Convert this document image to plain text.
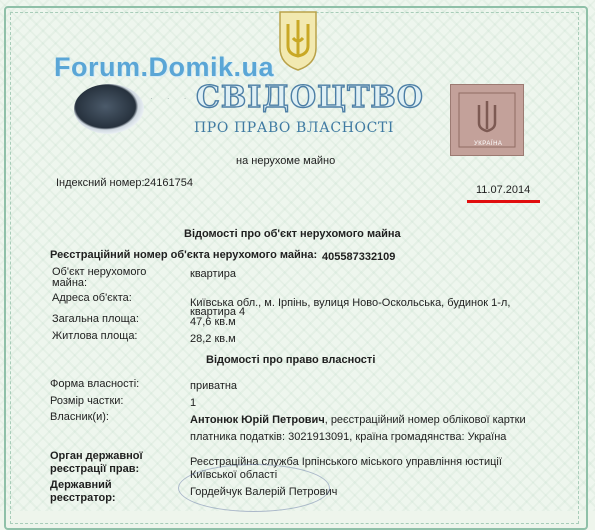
Forum.Domik.ua
· · · ·
СВІДОЦТВО
ПРО ПРАВО ВЛАСНОСТІ
УКРАЇНА
на нерухоме майно
Індексний номер: 24161754
11.07.2014
Відомості про об'єкт нерухомого майна
Реєстраційний номер об'єкта нерухомого майна: 405587332109
Об'єкт нерухомого
майна:
квартира
Адреса об'єкта:	Київська обл., м. Ірпінь, вулиця Ново-Оскольська, будинок 1-л,
квартира 4
Загальна площа:	47,6 кв.м
Житлова площа:	28,2 кв.м
Відомості про право власності
Форма власності:	приватна
Розмір частки:	1
Власник(и):	Антонюк Юрій Петрович, реєстраційний номер облікової картки
платника податків: 3021913091, країна громадянства: Україна
Орган державної
реєстрації прав:
Реєстраційна служба Ірпінського міського управління юстиції
Київської області
Державний
реєстратор:	Гордейчук Валерій Петрович
